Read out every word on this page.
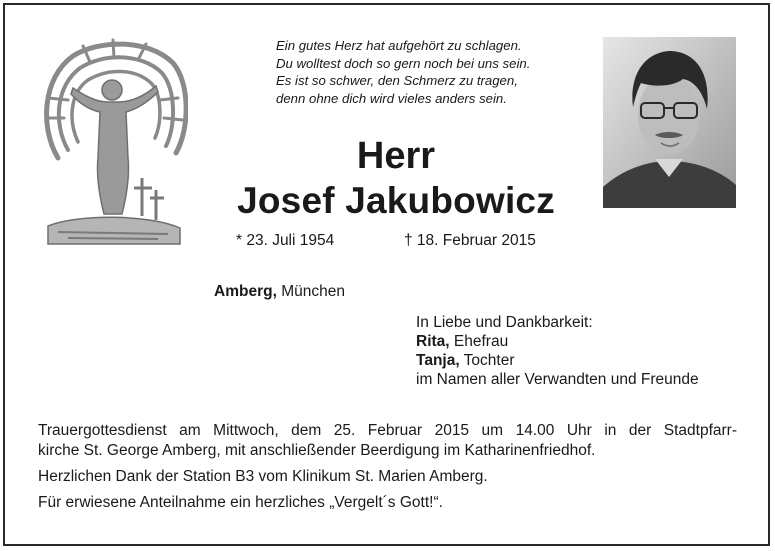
Ein gutes Herz hat aufgehört zu schlagen.
Du wolltest doch so gern noch bei uns sein.
Es ist so schwer, den Schmerz zu tragen,
denn ohne dich wird vieles anders sein.
Herr
Josef Jakubowicz
* 23. Juli 1954	† 18. Februar 2015
Amberg, München
In Liebe und Dankbarkeit:
Rita, Ehefrau
Tanja, Tochter
im Namen aller Verwandten und Freunde
Trauergottesdienst am Mittwoch, dem 25. Februar 2015 um 14.00 Uhr in der Stadtpfarr-
kirche St. George Amberg, mit anschließender Beerdigung im Katharinenfriedhof.
Herzlichen Dank der Station B3 vom Klinikum St. Marien Amberg.
Für erwiesene Anteilnahme ein herzliches „Vergelt´s Gott!“.
